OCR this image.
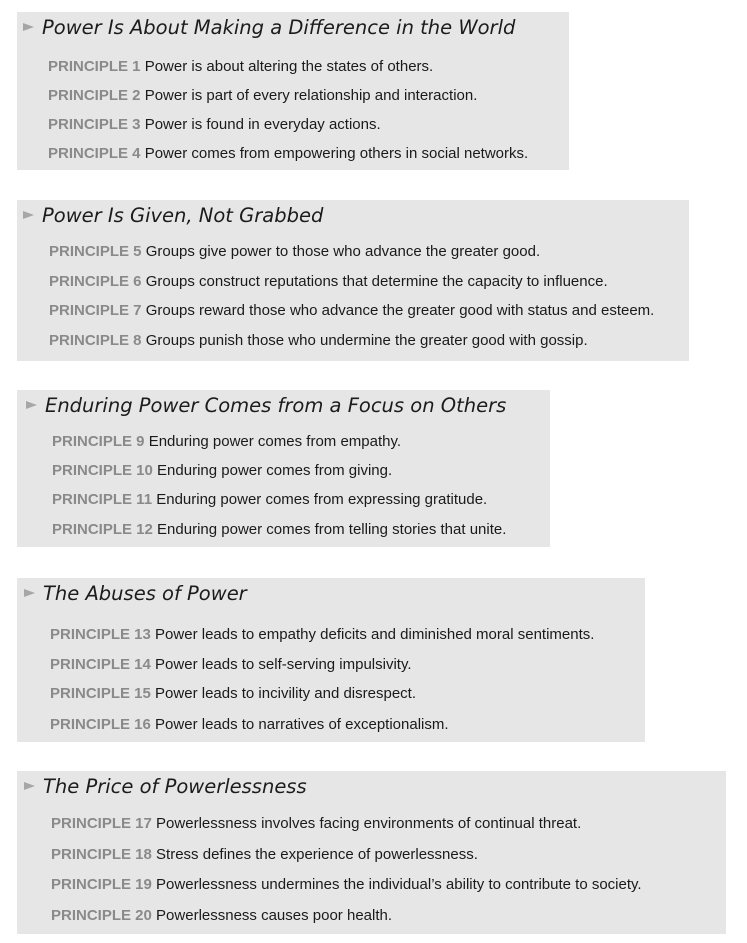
Power Is About Making a Difference in the World
PRINCIPLE 1 Power is about altering the states of others.
PRINCIPLE 2 Power is part of every relationship and interaction.
PRINCIPLE 3 Power is found in everyday actions.
PRINCIPLE 4 Power comes from empowering others in social networks.
Power Is Given, Not Grabbed
PRINCIPLE 5 Groups give power to those who advance the greater good.
PRINCIPLE 6 Groups construct reputations that determine the capacity to influence.
PRINCIPLE 7 Groups reward those who advance the greater good with status and esteem.
PRINCIPLE 8 Groups punish those who undermine the greater good with gossip.
Enduring Power Comes from a Focus on Others
PRINCIPLE 9 Enduring power comes from empathy.
PRINCIPLE 10 Enduring power comes from giving.
PRINCIPLE 11 Enduring power comes from expressing gratitude.
PRINCIPLE 12 Enduring power comes from telling stories that unite.
The Abuses of Power
PRINCIPLE 13 Power leads to empathy deficits and diminished moral sentiments.
PRINCIPLE 14 Power leads to self-serving impulsivity.
PRINCIPLE 15 Power leads to incivility and disrespect.
PRINCIPLE 16 Power leads to narratives of exceptionalism.
The Price of Powerlessness
PRINCIPLE 17 Powerlessness involves facing environments of continual threat.
PRINCIPLE 18 Stress defines the experience of powerlessness.
PRINCIPLE 19 Powerlessness undermines the individual’s ability to contribute to society.
PRINCIPLE 20 Powerlessness causes poor health.
